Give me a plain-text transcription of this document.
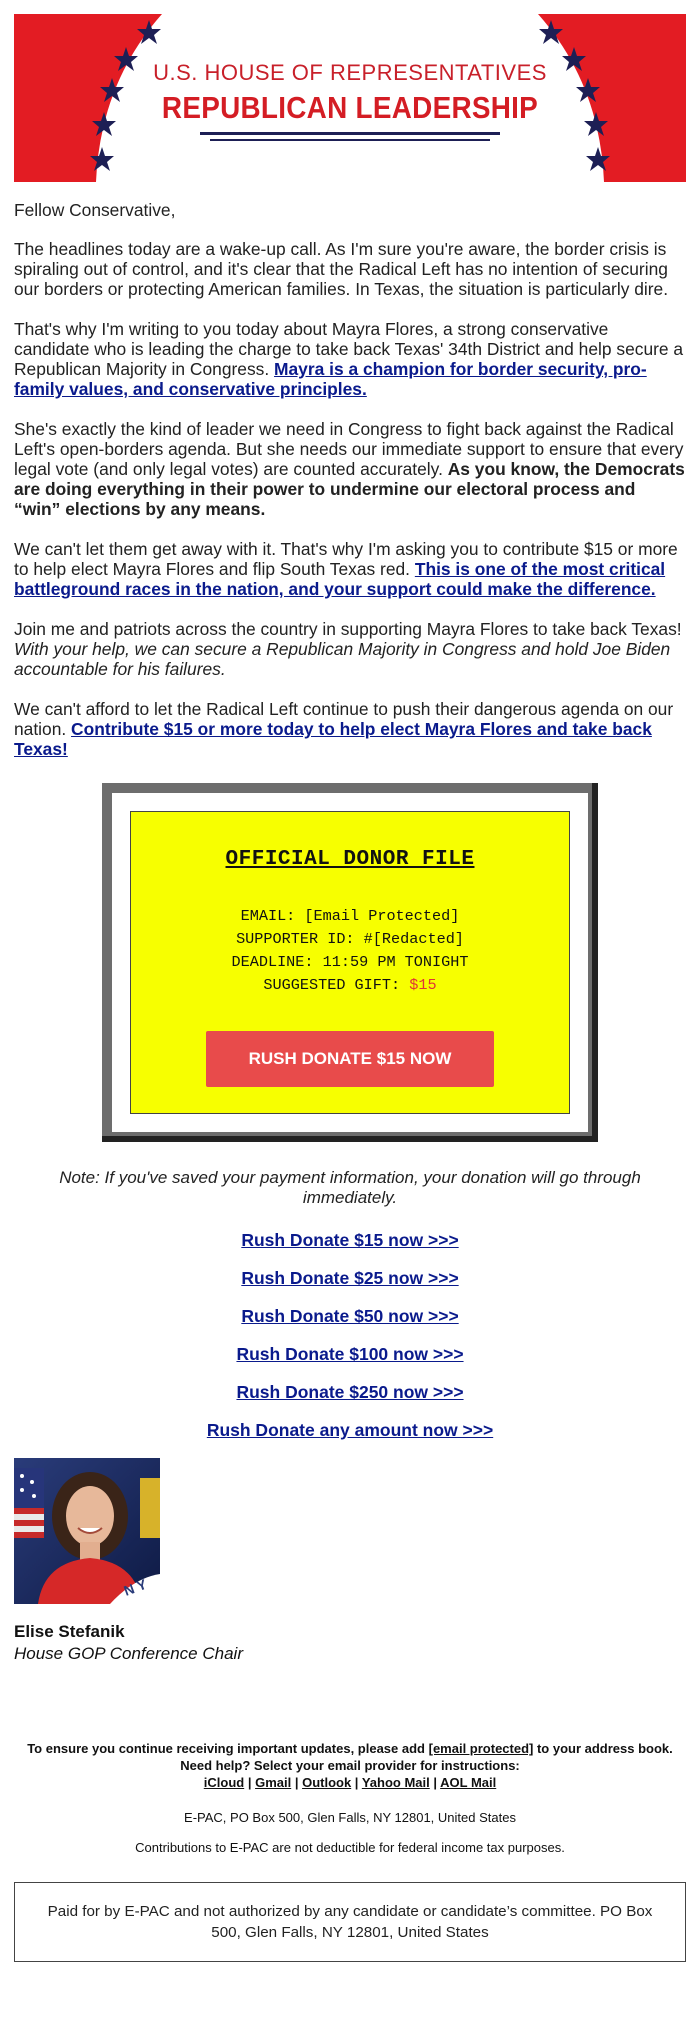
U.S. HOUSE OF REPRESENTATIVES
REPUBLICAN LEADERSHIP

Fellow Conservative,

The headlines today are a wake-up call. As I'm sure you're aware, the border crisis is spiraling out of control, and it's clear that the Radical Left has no intention of securing our borders or protecting American families. In Texas, the situation is particularly dire.

That's why I'm writing to you today about Mayra Flores, a strong conservative candidate who is leading the charge to take back Texas' 34th District and help secure a Republican Majority in Congress. Mayra is a champion for border security, pro-family values, and conservative principles.

She's exactly the kind of leader we need in Congress to fight back against the Radical Left's open-borders agenda. But she needs our immediate support to ensure that every legal vote (and only legal votes) are counted accurately. As you know, the Democrats are doing everything in their power to undermine our electoral process and “win” elections by any means.

We can't let them get away with it. That's why I'm asking you to contribute $15 or more to help elect Mayra Flores and flip South Texas red. This is one of the most critical battleground races in the nation, and your support could make the difference.

Join me and patriots across the country in supporting Mayra Flores to take back Texas! With your help, we can secure a Republican Majority in Congress and hold Joe Biden accountable for his failures.

We can't afford to let the Radical Left continue to push their dangerous agenda on our nation. Contribute $15 or more today to help elect Mayra Flores and take back Texas!

OFFICIAL DONOR FILE
EMAIL: [Email Protected]
SUPPORTER ID: #[Redacted]
DEADLINE: 11:59 PM TONIGHT
SUGGESTED GIFT: $15
RUSH DONATE $15 NOW

Note: If you've saved your payment information, your donation will go through immediately.

Rush Donate $15 now >>>
Rush Donate $25 now >>>
Rush Donate $50 now >>>
Rush Donate $100 now >>>
Rush Donate $250 now >>>
Rush Donate any amount now >>>
N Y
Elise Stefanik
House GOP Conference Chair
To ensure you continue receiving important updates, please add [email protected] to your address book. Need help? Select your email provider for instructions:
iCloud | Gmail | Outlook | Yahoo Mail | AOL Mail
E-PAC, PO Box 500, Glen Falls, NY 12801, United States
Contributions to E-PAC are not deductible for federal income tax purposes.
Paid for by E-PAC and not authorized by any candidate or candidate’s committee. PO Box 500, Glen Falls, NY 12801, United States
